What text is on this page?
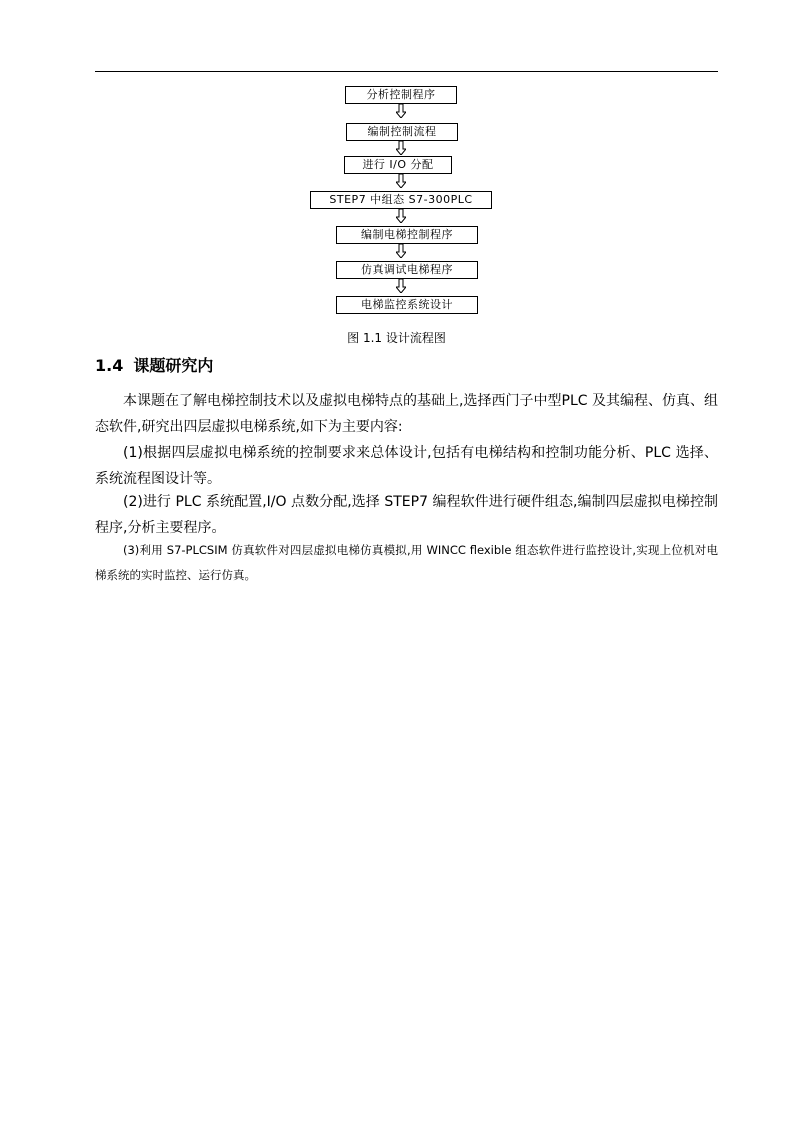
分析控制程序
编制控制流程
进行 I/O 分配
STEP7 中组态 S7-300PLC
编制电梯控制程序
仿真调试电梯程序
电梯监控系统设计
图 1.1 设计流程图
1.4 课题研究内
本课题在了解电梯控制技术以及虚拟电梯特点的基础上,选择西门子中型PLC 及其编程、仿真、组态软件,研究出四层虚拟电梯系统,如下为主要内容:
(1)根据四层虚拟电梯系统的控制要求来总体设计,包括有电梯结构和控制功能分析、PLC 选择、系统流程图设计等。
(2)进行 PLC 系统配置,I/O 点数分配,选择 STEP7 编程软件进行硬件组态,编制四层虚拟电梯控制程序,分析主要程序。
(3)利用 S7-PLCSIM 仿真软件对四层虚拟电梯仿真模拟,用 WINCC flexible 组态软件进行监控设计,实现上位机对电梯系统的实时监控、运行仿真。
